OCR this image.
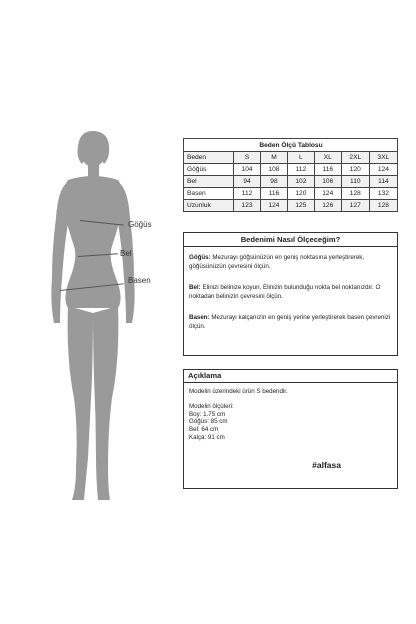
Göğüs
Bel
Basen
Beden Ölçü Tablosu						
Beden	S	M	L	XL	2XL	3XL
Göğüs	104	108	112	116	120	124
Bel	94	98	102	106	110	114
Basen	112	116	120	124	128	132
Uzunluk	123	124	125	126	127	128
Bedenimi Nasıl Ölçeceğim?
Göğüs: Mezurayı göğsünüzün en geniş noktasına yerleştirerek, göğüsünüzün çevresini ölçün.
Bel: Elinizi belinize koyun. Elinizin bulunduğu nokta bel noktanızdır. O noktadan belinizin çevresini ölçün.
Basen: Mezurayı kalçanızın en geniş yerine yerleştirerek basen çevrenizi ölçün.
Açıklama
Modelin üzerindeki ürün S bedendir.
Modelin ölçüleri:
Boy: 1.75 cm
Göğüs: 85 cm
Bel: 64 cm
Kalça: 91 cm
#alfasa
